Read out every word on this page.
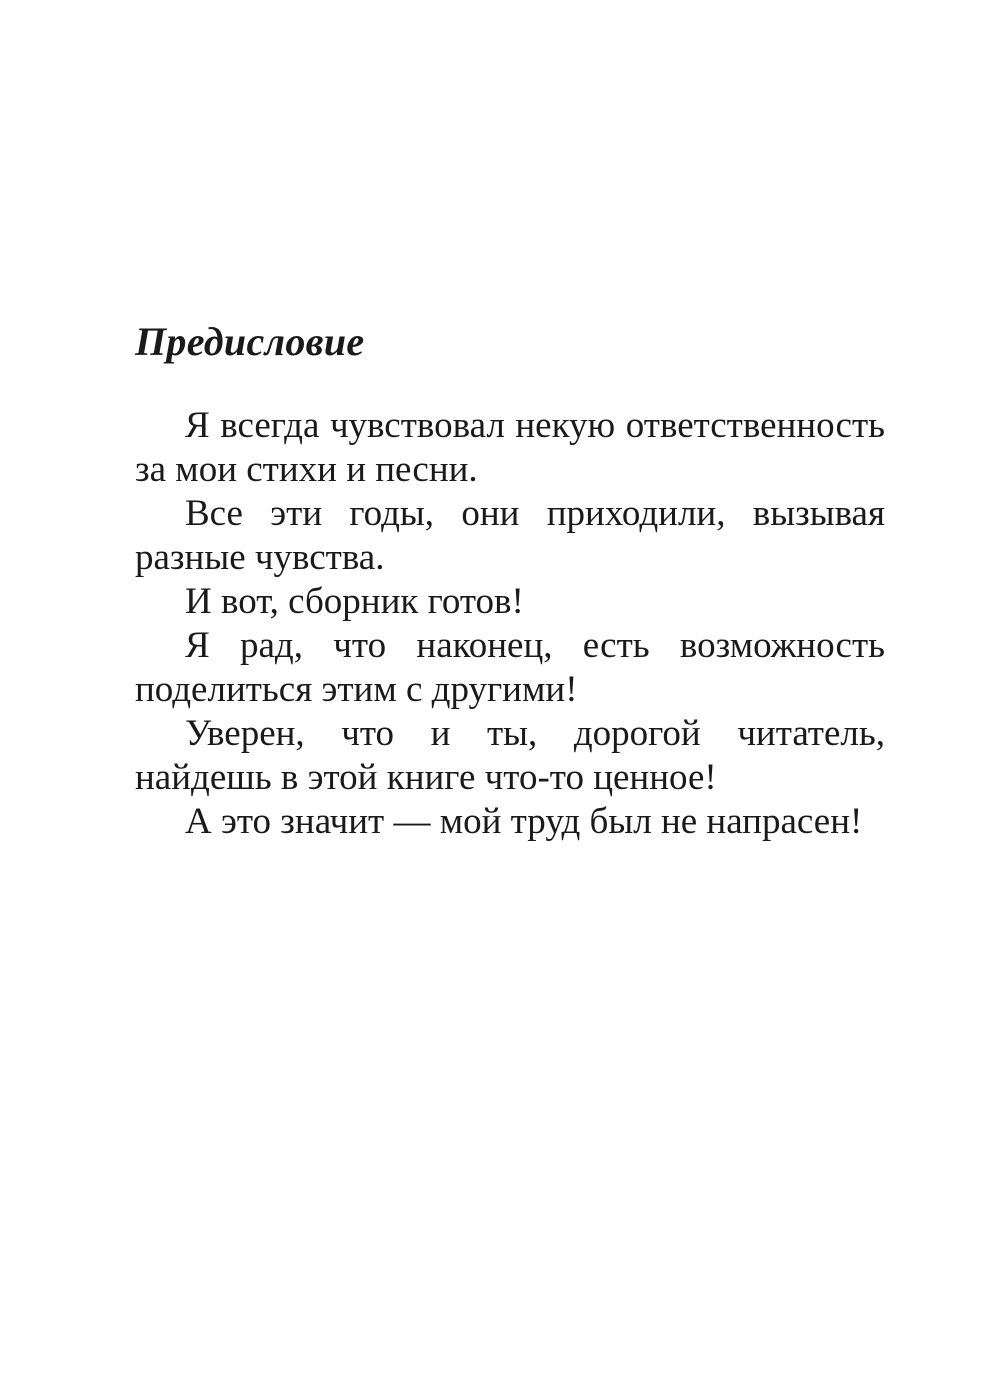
Предисловие

Я всегда чувствовал некую ответственность за мои стихи и песни.

Все эти годы, они приходили, вызывая разные чувства.

И вот, сборник готов!

Я рад, что наконец, есть возможность поделиться этим с другими!

Уверен, что и ты, дорогой читатель, найдешь в этой книге что-то ценное!

А это значит — мой труд был не напрасен!
